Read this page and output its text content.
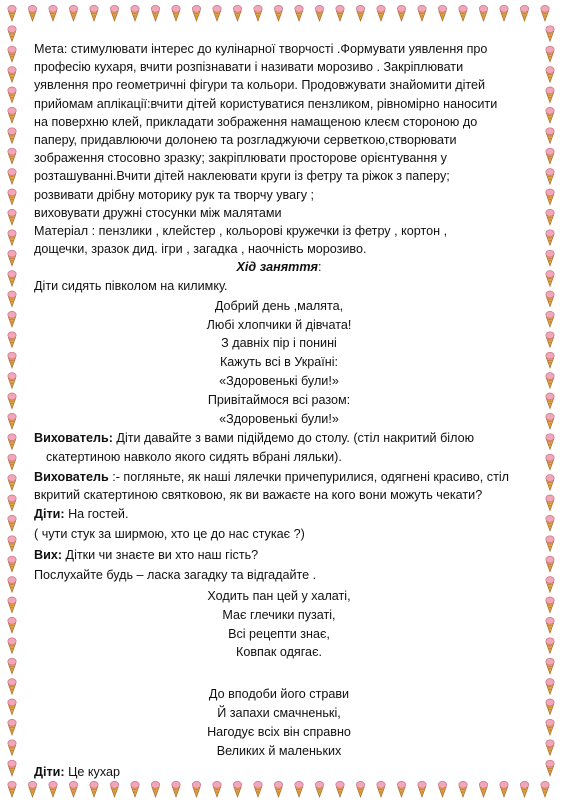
Мета: стимулювати інтерес до кулінарної творчості .Формувати уявлення про
професію кухаря, вчити розпізнавати і називати морозиво . Закріплювати
уявлення про геометричні фігури та кольори. Продовжувати знайомити дітей
прийомам аплікації:вчити дітей користуватися пензликом, рівномірно наносити
на поверхню клей, прикладати зображення намащеною клеєм стороною до
паперу, придавлюючи долонею та розгладжуючи серветкою,створювати
зображення стосовно зразку; закріплювати просторове орієнтування у
розташуванні.Вчити дітей наклеювати круги із фетру та ріжок з паперу;
розвивати дрібну моторику рук та творчу увагу ;
виховувати дружні стосунки між малятами
Матеріал : пензлики , клейстер , кольорові кружечки із фетру , кортон ,
дощечки, зразок дид. ігри , загадка , наочність морозиво.
Хід заняття:
Діти сидять півколом на килимку.
Добрий день ,малята,
Любі хлопчики й дівчата!
З давніх пір і понині
Кажуть всі в Україні:
«Здоровенькі були!»
Привітаймося всі разом:
«Здоровенькі були!»
Вихователь: Діти давайте з вами підійдемо до столу. (стіл накритий білою
скатертиною навколо якого сидять вбрані ляльки).
Вихователь :- погляньте, як наші лялечки причепурилися, одягнені красиво, стіл
вкритий скатертиною святковою, як ви важаєте на кого вони можуть чекати?
Діти: На гостей.
( чути стук за ширмою, хто це до нас стукає ?)
Вих: Дітки чи знаєте ви хто наш гість?
Послухайте будь – ласка загадку та відгадайте .
Ходить пан цей у халаті,
Має глечики пузаті,
Всі рецепти знає,
Ковпак одягає.
До вподоби його страви
Й запахи смачненькі,
Нагодує всіх він справно
Великих й маленьких
Діти: Це кухар
